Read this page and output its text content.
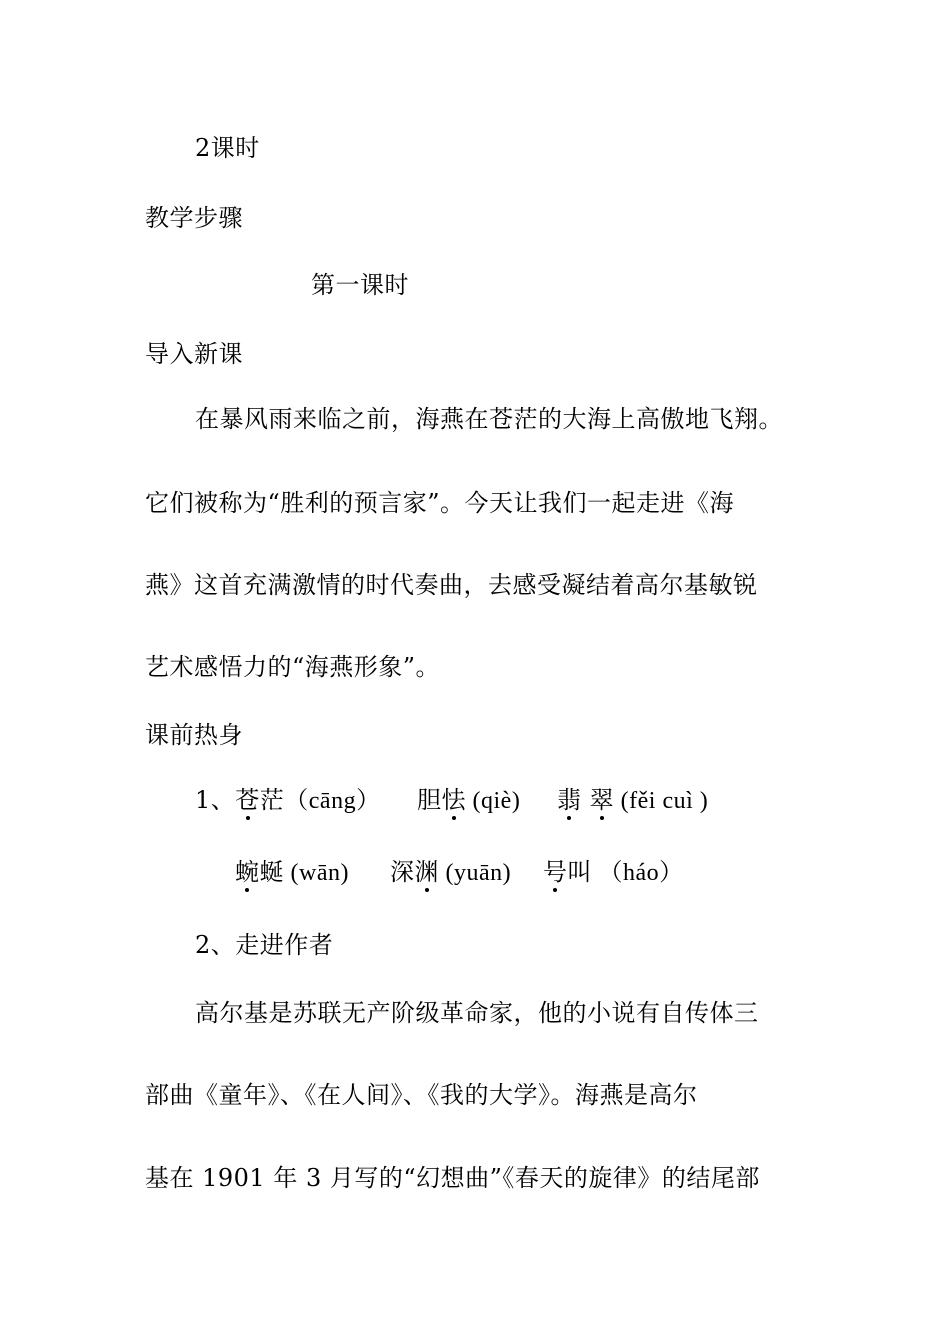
2课时
教学步骤
第一课时
导入新课
在暴风雨来临之前，海燕在苍茫的大海上高傲地飞翔。
它们被称为“胜利的预言家”。今天让我们一起走进《海
燕》这首充满激情的时代奏曲，去感受凝结着高尔基敏锐
艺术感悟力的“海燕形象”。
课前热身
1、苍茫（cāng） 胆怯 (qiè) 翡 翠 (fěi cuì )
蜿蜒 (wān) 深渊 (yuān) 号叫 （háo）
2、走进作者
高尔基是苏联无产阶级革命家，他的小说有自传体三
部曲《童年》、《在人间》、《我的大学》。海燕是高尔
基在 1901 年 3 月写的“幻想曲”《春天的旋律》的结尾部
